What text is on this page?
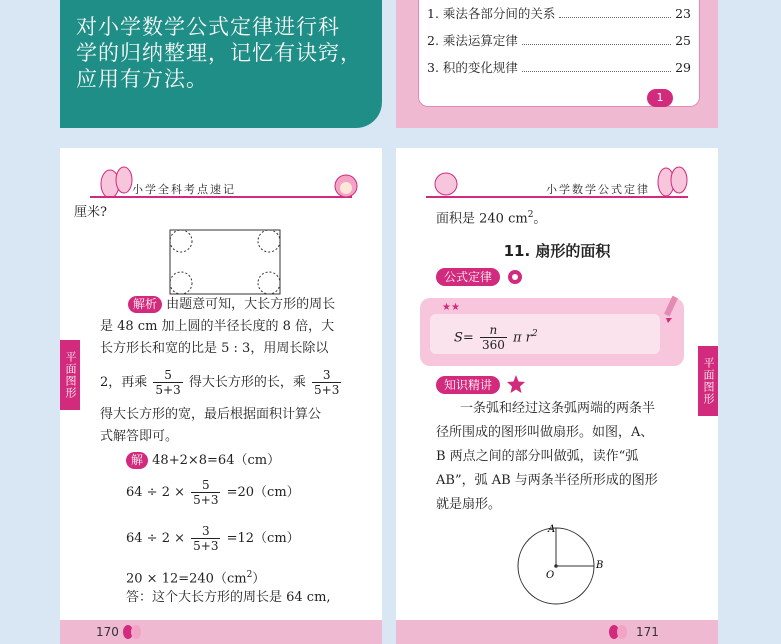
对小学数学公式定律进行科
学的归纳整理，记忆有诀窍，
应用有方法。
1. 乘法各部分间的关系	23
2. 乘法运算定律	25
3. 积的变化规律	29
1
小学全科考点速记
厘米?
平面图形
解析 由题意可知，大长方形的周长
是 48 cm 加上圆的半径长度的 8 倍，大
长方形长和宽的比是 5 : 3，用周长除以
2，再乘 $\frac{5}{5+3}$ 得大长方形的长，乘 $\frac{3}{5+3}$
得大长方形的宽，最后根据面积计算公
式解答即可。
解 48+2×8=64（cm）
$64 \div 2 \times \frac{5}{5+3} =20(cm)$
$64 \div 2 \times \frac{3}{5+3} =12(cm)$
$20 \times 12=240(cm^2)$
答：这个大长方形的周长是 64 cm,
170
小学数学公式定律
面积是 240 $cm^2$。
11. 扇形的面积
公式定律
★★
$S= \frac{n}{360}$ π $r^2$
平面图形
知识精讲
一条弧和经过这条弧两端的两条半
径所围成的图形叫做扇形。如图，A、
B 两点之间的部分叫做弧，读作“弧
AB”，弧 AB 与两条半径所形成的图形
就是扇形。
A
B
O
171
